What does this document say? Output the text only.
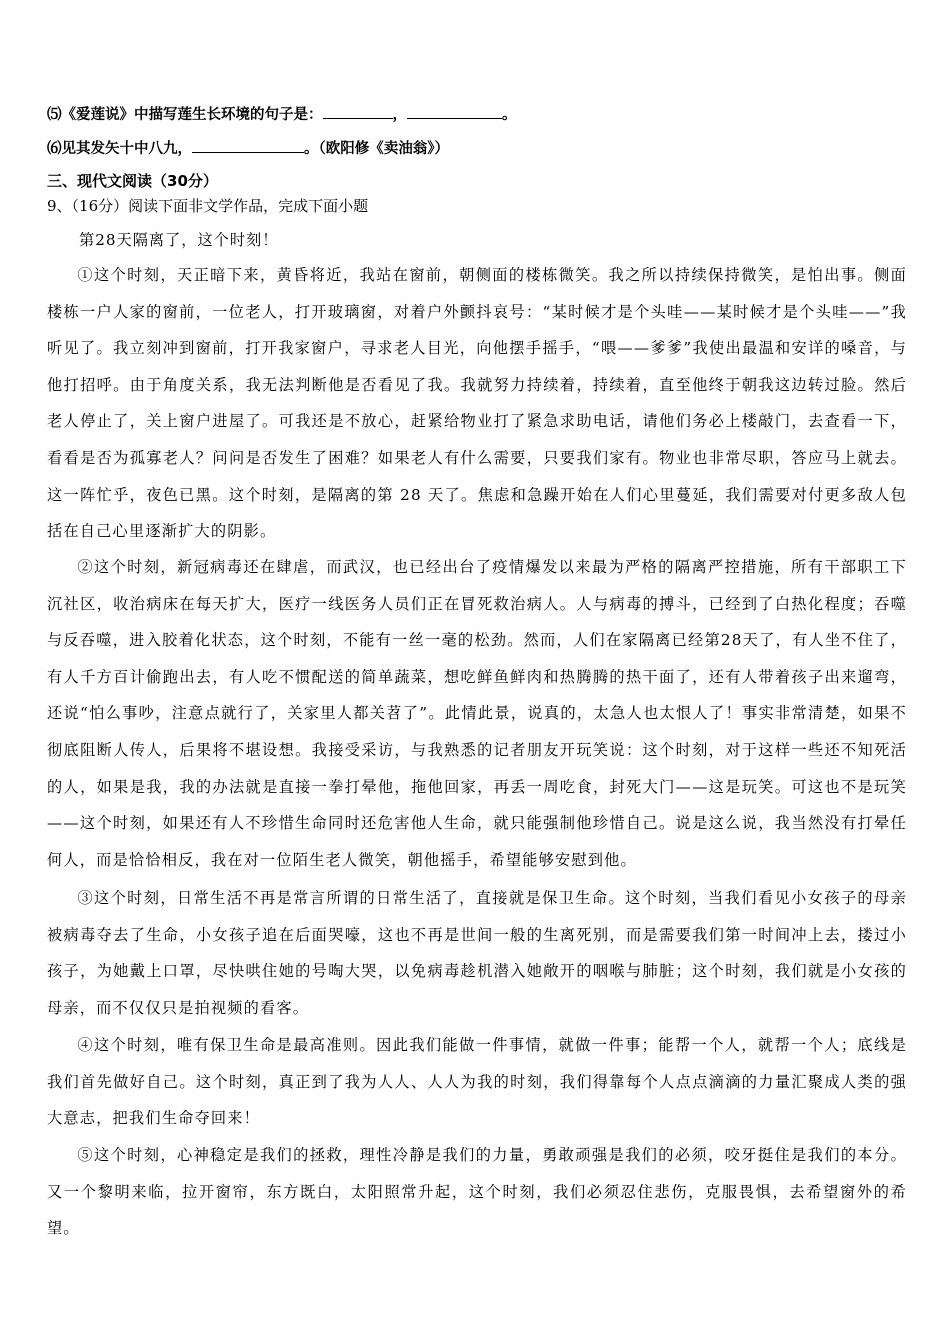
⑸《爱莲说》中描写莲生长环境的句子是：	，	。
⑹见其发矢十中八九，	。（欧阳修《卖油翁》）
三、现代文阅读（30分）
9、（16分）阅读下面非文学作品，完成下面小题
第28天隔离了，这个时刻！

①这个时刻，天正暗下来，黄昏将近，我站在窗前，朝侧面的楼栋微笑。我之所以持续保持微笑，是怕出事。侧面楼栋一户人家的窗前，一位老人，打开玻璃窗，对着户外颤抖哀号：“某时候才是个头哇——某时候才是个头哇——”我听见了。我立刻冲到窗前，打开我家窗户，寻求老人目光，向他摆手摇手，“喂——爹爹”我使出最温和安详的嗓音，与他打招呼。由于角度关系，我无法判断他是否看见了我。我就努力持续着，持续着，直至他终于朝我这边转过脸。然后老人停止了，关上窗户进屋了。可我还是不放心，赶紧给物业打了紧急求助电话，请他们务必上楼敲门，去查看一下，看看是否为孤寡老人？问问是否发生了困难？如果老人有什么需要，只要我们家有。物业也非常尽职，答应马上就去。这一阵忙乎，夜色已黑。这个时刻，是隔离的第 28 天了。焦虑和急躁开始在人们心里蔓延，我们需要对付更多敌人包括在自己心里逐渐扩大的阴影。

②这个时刻，新冠病毒还在肆虐，而武汉，也已经出台了疫情爆发以来最为严格的隔离严控措施，所有干部职工下沉社区，收治病床在每天扩大，医疗一线医务人员们正在冒死救治病人。人与病毒的搏斗，已经到了白热化程度；吞噬与反吞噬，进入胶着化状态，这个时刻，不能有一丝一毫的松劲。然而，人们在家隔离已经第28天了，有人坐不住了，有人千方百计偷跑出去，有人吃不惯配送的简单蔬菜，想吃鲜鱼鲜肉和热腾腾的热干面了，还有人带着孩子出来遛弯，还说“怕么事吵，注意点就行了，关家里人都关苕了”。此情此景，说真的，太急人也太恨人了！事实非常清楚，如果不彻底阻断人传人，后果将不堪设想。我接受采访，与我熟悉的记者朋友开玩笑说：这个时刻，对于这样一些还不知死活的人，如果是我，我的办法就是直接一拳打晕他，拖他回家，再丢一周吃食，封死大门——这是玩笑。可这也不是玩笑——这个时刻，如果还有人不珍惜生命同时还危害他人生命，就只能强制他珍惜自己。说是这么说，我当然没有打晕任何人，而是恰恰相反，我在对一位陌生老人微笑，朝他摇手，希望能够安慰到他。

③这个时刻，日常生活不再是常言所谓的日常生活了，直接就是保卫生命。这个时刻，当我们看见小女孩子的母亲被病毒夺去了生命，小女孩子追在后面哭嚎，这也不再是世间一般的生离死别，而是需要我们第一时间冲上去，搂过小孩子，为她戴上口罩，尽快哄住她的号啕大哭，以免病毒趁机潜入她敞开的咽喉与肺脏；这个时刻，我们就是小女孩的母亲，而不仅仅只是拍视频的看客。

④这个时刻，唯有保卫生命是最高准则。因此我们能做一件事情，就做一件事；能帮一个人，就帮一个人；底线是我们首先做好自己。这个时刻，真正到了我为人人、人人为我的时刻，我们得靠每个人点点滴滴的力量汇聚成人类的强大意志，把我们生命夺回来！

⑤这个时刻，心神稳定是我们的拯救，理性冷静是我们的力量，勇敢顽强是我们的必须，咬牙挺住是我们的本分。又一个黎明来临，拉开窗帘，东方既白，太阳照常升起，这个时刻，我们必须忍住悲伤，克服畏惧，去希望窗外的希望。
